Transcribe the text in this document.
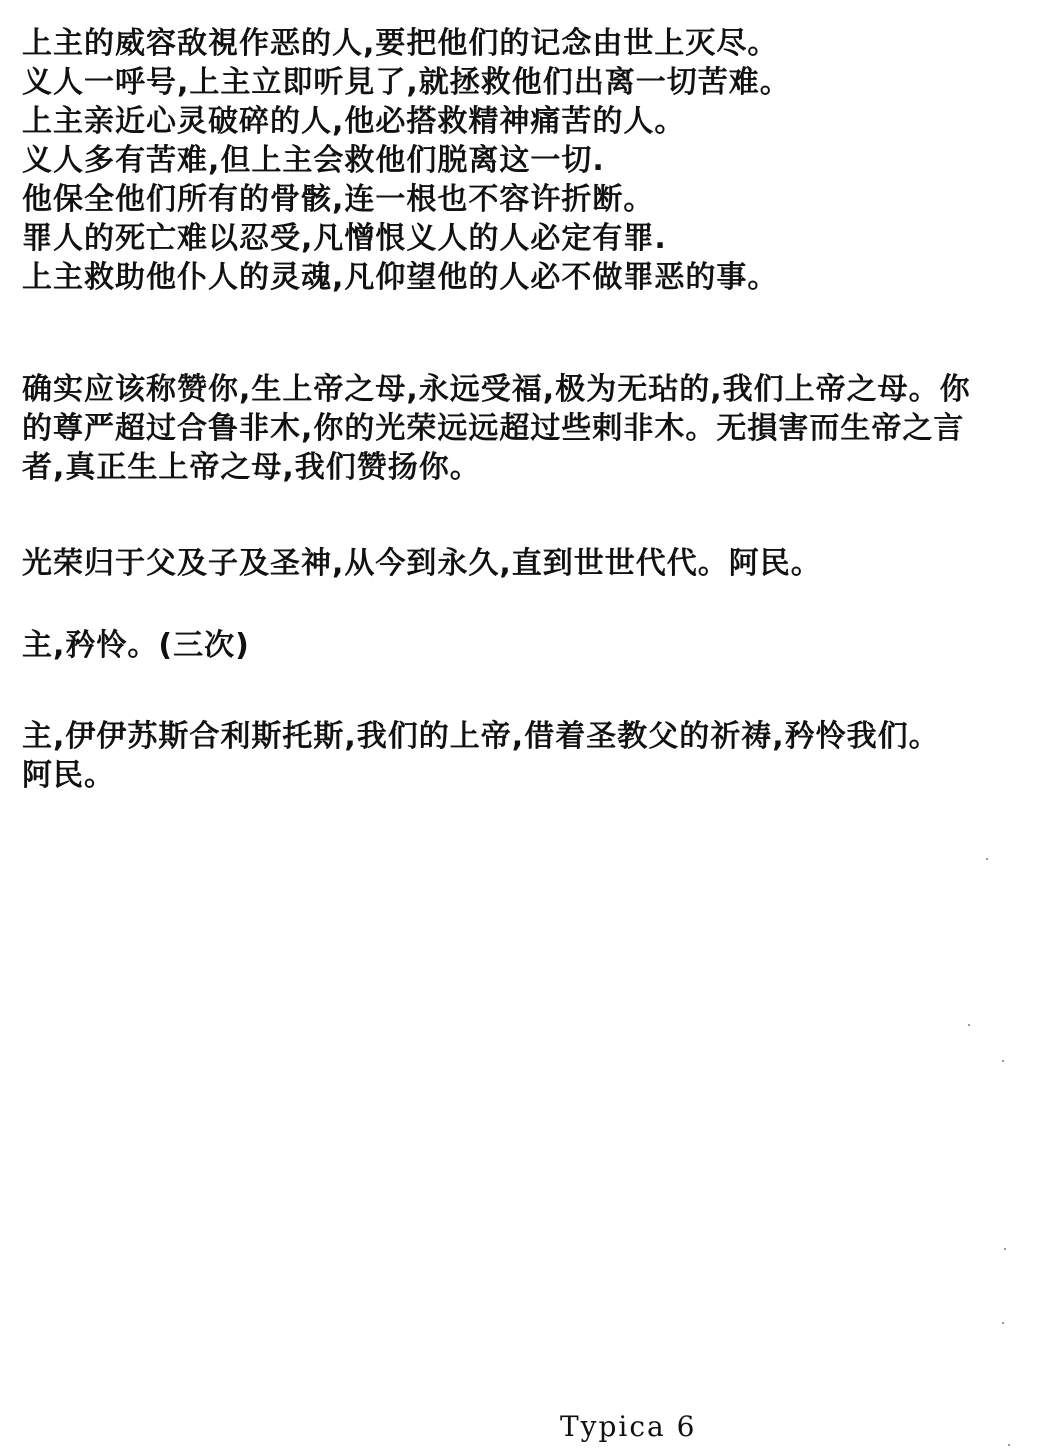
上主的威容敌視作恶的人,要把他们的记念由世上灭尽。
义人一呼号,上主立即听見了,就拯救他们出离一切苦难。
上主亲近心灵破碎的人,他必搭救精神痛苦的人。
义人多有苦难,但上主会救他们脱离这一切.
他保全他们所有的骨骸,连一根也不容许折断。
罪人的死亡难以忍受,凡憎恨义人的人必定有罪.
上主救助他仆人的灵魂,凡仰望他的人必不做罪恶的事。
确实应该称赞你,生上帝之母,永远受福,极为无玷的,我们上帝之母。你
的尊严超过合鲁非木,你的光荣远远超过些剌非木。无損害而生帝之言
者,真正生上帝之母,我们赞扬你。
光荣归于父及子及圣神,从今到永久,直到世世代代。阿民。
主,矜怜。(三次)
主,伊伊苏斯合利斯托斯,我们的上帝,借着圣教父的祈祷,矜怜我们。
阿民。
Typica 6
